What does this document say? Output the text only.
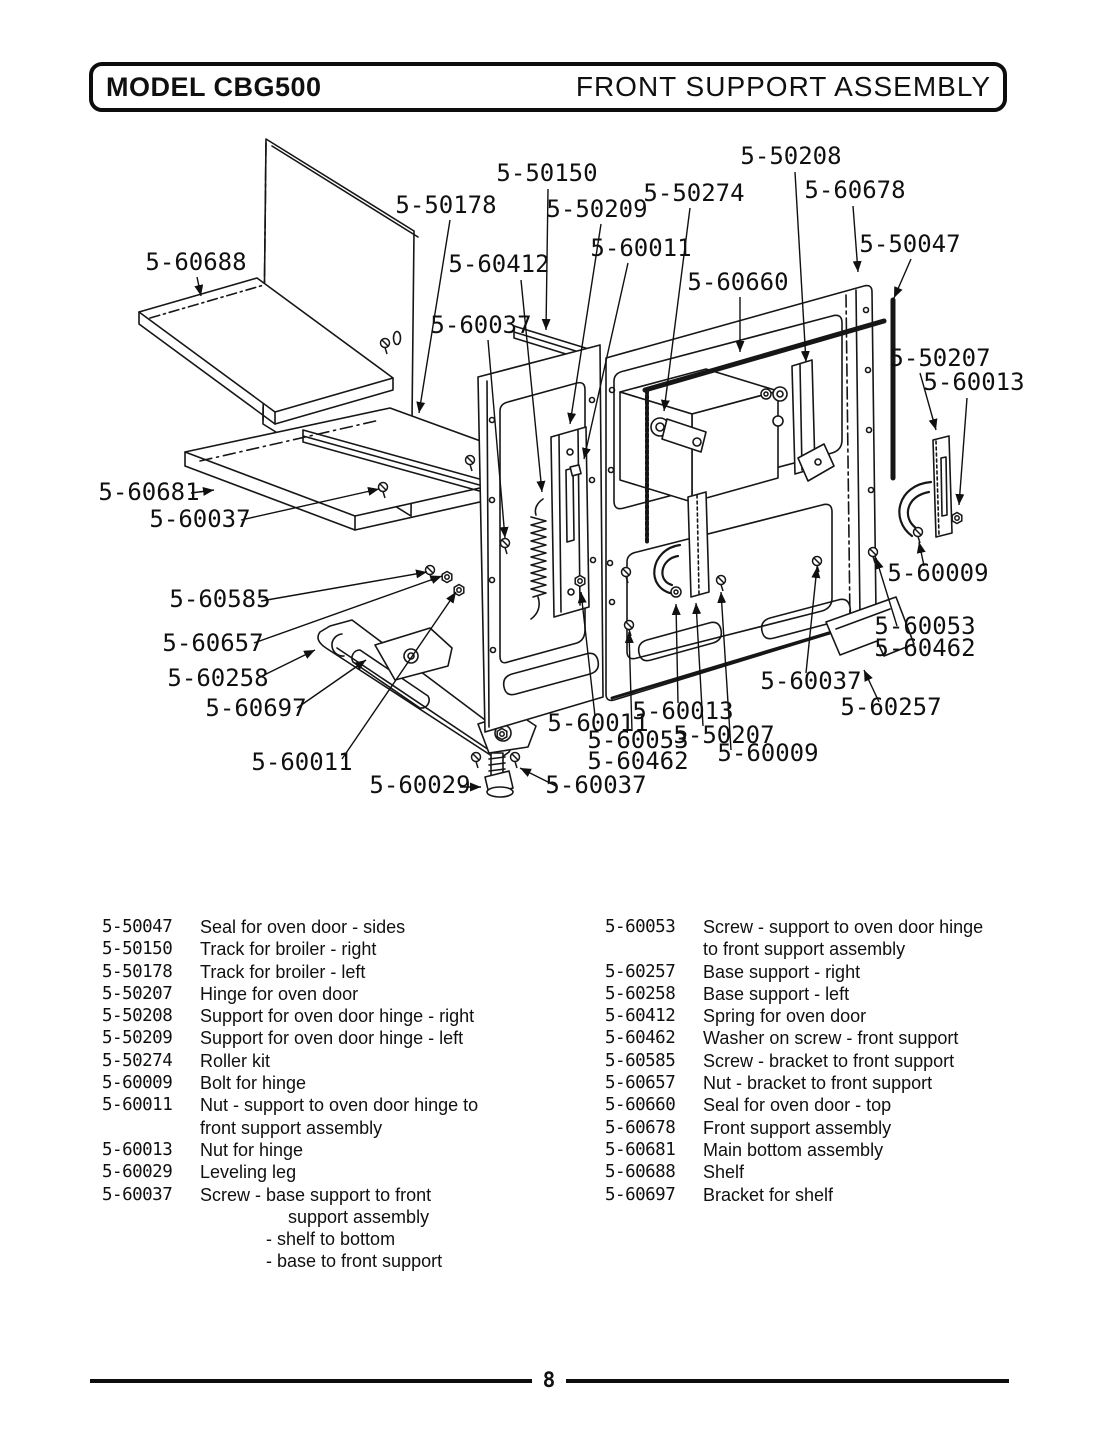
MODEL CBG500	FRONT SUPPORT ASSEMBLY
5-60688
5-50178
5-50150
5-60412
5-50209
5-60011
5-50274
5-50208
5-60678
5-60660
5-50047
5-50207
5-60013
5-60037
5-60681
5-60037
5-60585
5-60657
5-60258
5-60697
5-60011
5-60029	5-60037
5-60011
5-60053
5-60462
5-60013
5-50207
5-60009
5-60037
5-60257
5-60053
5-60462
5-60009
5-50047	Seal for oven door - sides
5-50150	Track for broiler - right
5-50178	Track for broiler - left
5-50207	Hinge for oven door
5-50208	Support for oven door hinge - right
5-50209	Support for oven door hinge - left
5-50274	Roller kit
5-60009	Bolt for hinge
5-60011	Nut - support to oven door hinge to
front support assembly
5-60013	Nut for hinge
5-60029	Leveling leg
5-60037	Screw - base support to front
support assembly
- shelf to bottom
- base to front support
5-60053	Screw - support to oven door hinge
to front support assembly
5-60257	Base support - right
5-60258	Base support - left
5-60412	Spring for oven door
5-60462	Washer on screw - front support
5-60585	Screw - bracket to front support
5-60657	Nut - bracket to front support
5-60660	Seal for oven door - top
5-60678	Front support assembly
5-60681	Main bottom assembly
5-60688	Shelf
5-60697	Bracket for shelf
8
